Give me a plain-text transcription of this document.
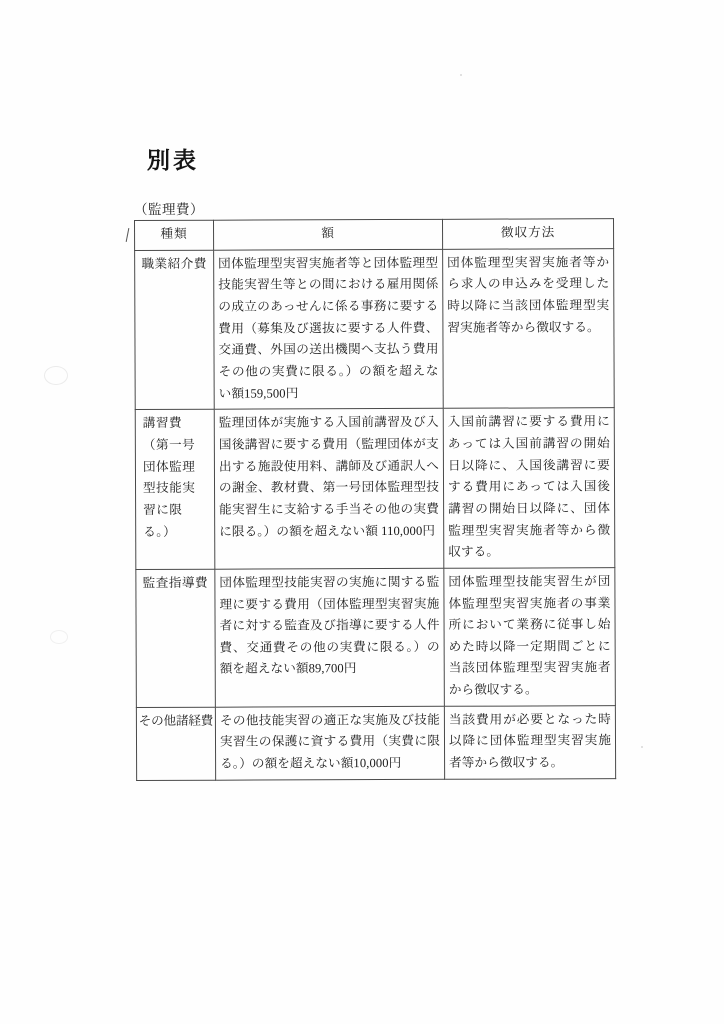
別表
（監理費）
種類	額	徴収方法
職業紹介費	団体監理型実習実施者等と団体監理型技能実習生等との間における雇用関係の成立のあっせんに係る事務に要する費用（募集及び選抜に要する人件費、交通費、外国の送出機関へ支払う費用その他の実費に限る。）の額を超えない額159,500円	団体監理型実習実施者等から求人の申込みを受理した時以降に当該団体監理型実習実施者等から徴収する。

講習費
（第一号
団体監理
型技能実
習に限
る。）
	監理団体が実施する入国前講習及び入国後講習に要する費用（監理団体が支出する施設使用料、講師及び通訳人への謝金、教材費、第一号団体監理型技能実習生に支給する手当その他の実費に限る。）の額を超えない額 110,000円	入国前講習に要する費用にあっては入国前講習の開始日以降に、入国後講習に要する費用にあっては入国後講習の開始日以降に、団体監理型実習実施者等から徴収する。
監査指導費	団体監理型技能実習の実施に関する監理に要する費用（団体監理型実習実施者に対する監査及び指導に要する人件費、交通費その他の実費に限る。）の額を超えない額89,700円	団体監理型技能実習生が団体監理型実習実施者の事業所において業務に従事し始めた時以降一定期間ごとに当該団体監理型実習実施者から徴収する。
その他諸経費	その他技能実習の適正な実施及び技能実習生の保護に資する費用（実費に限る。）の額を超えない額10,000円	当該費用が必要となった時以降に団体監理型実習実施者等から徴収する。
